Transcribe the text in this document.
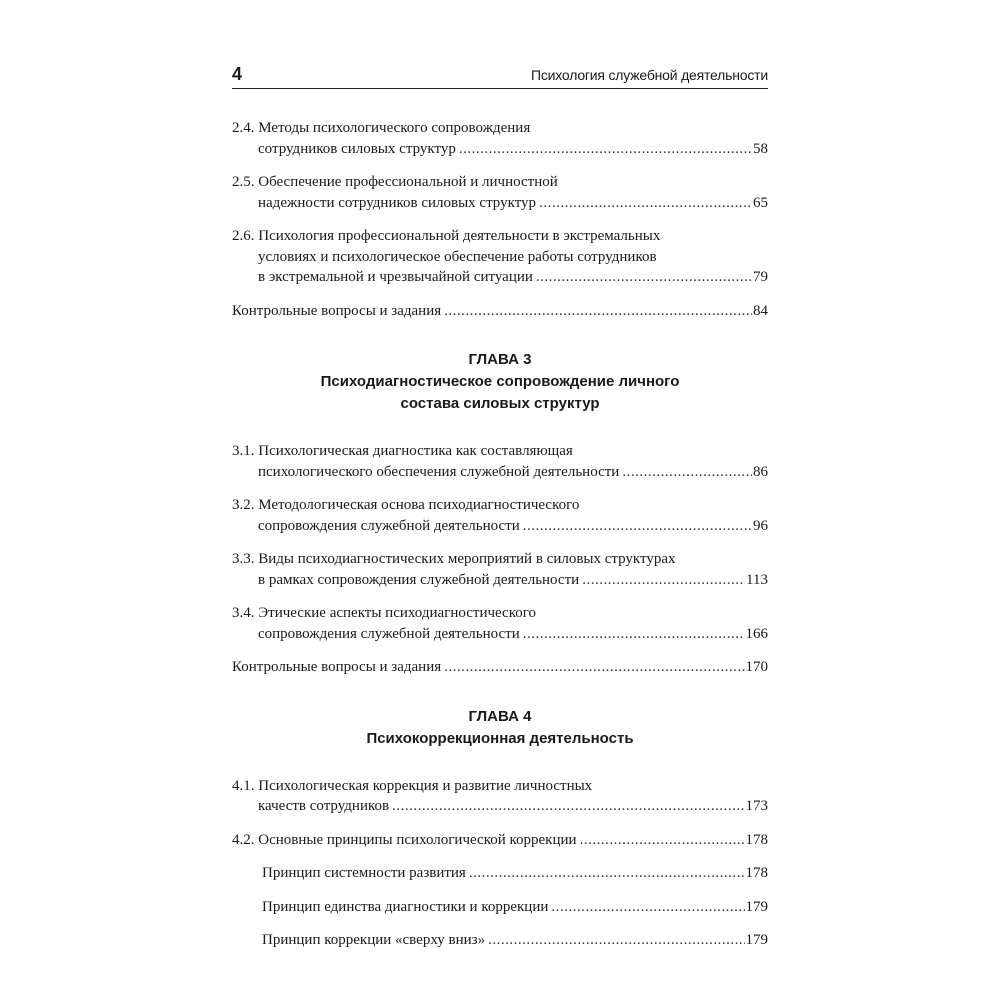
4	Психология служебной деятельности
2.4. Методы психологического сопровождения
сотрудников силовых структур .....	58
2.5. Обеспечение профессиональной и личностной
надежности сотрудников силовых структур .....	65
2.6. Психология профессиональной деятельности в экстремальных
условиях и психологическое обеспечение работы сотрудников
в экстремальной и чрезвычайной ситуации .....	79
Контрольные вопросы и задания .....	84
ГЛАВА 3
Психодиагностическое сопровождение личного
состава силовых структур
3.1. Психологическая диагностика как составляющая
психологического обеспечения служебной деятельности .....	86
3.2. Методологическая основа психодиагностического
сопровождения служебной деятельности .....	96
3.3. Виды психодиагностических мероприятий в силовых структурах
в рамках сопровождения служебной деятельности .....	113
3.4. Этические аспекты психодиагностического
сопровождения служебной деятельности .....	166
Контрольные вопросы и задания .....	170
ГЛАВА 4
Психокоррекционная деятельность
4.1. Психологическая коррекция и развитие личностных
качеств сотрудников .....	173
4.2. Основные принципы психологической коррекции .....	178
Принцип системности развития .....	178
Принцип единства диагностики и коррекции .....	179
Принцип коррекции «сверху вниз» .....	179
